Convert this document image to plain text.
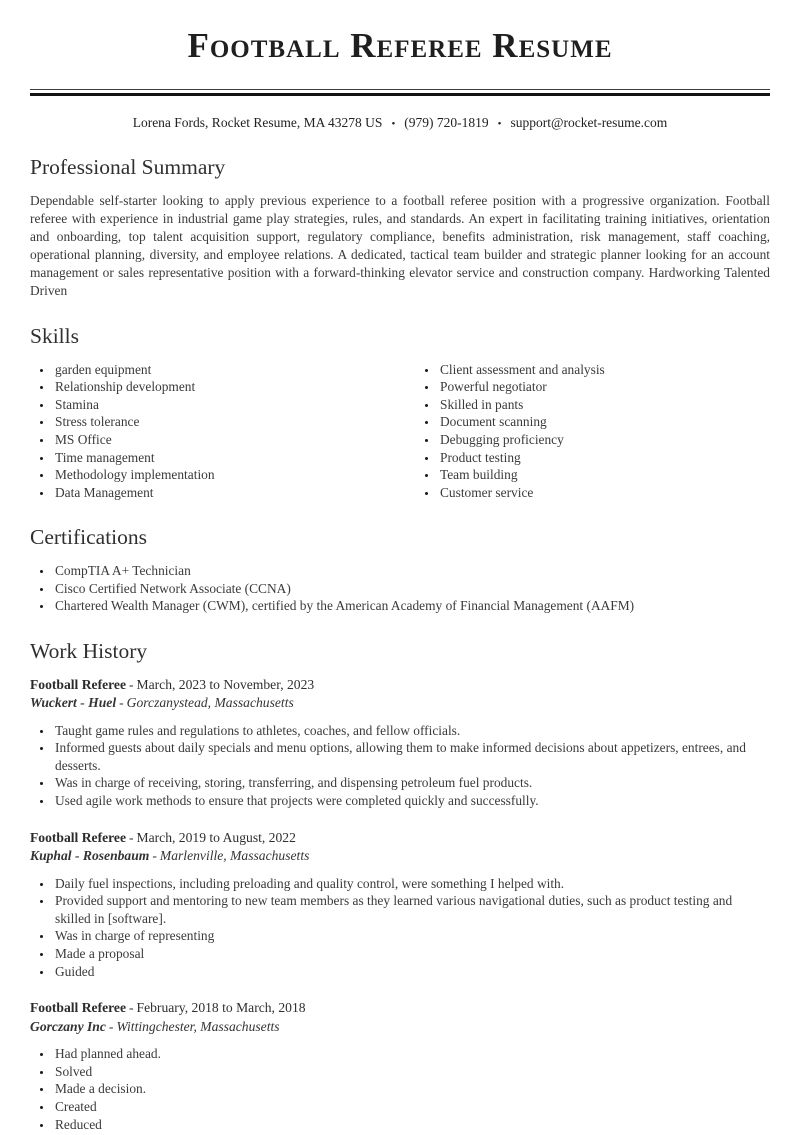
Football Referee Resume
Lorena Fords, Rocket Resume, MA 43278 US • (979) 720-1819 • support@rocket-resume.com
Professional Summary

Dependable self-starter looking to apply previous experience to a football referee position with a progressive organization. Football referee with experience in industrial game play strategies, rules, and standards. An expert in facilitating training initiatives, orientation and onboarding, top talent acquisition support, regulatory compliance, benefits administration, risk management, staff coaching, operational planning, diversity, and employee relations. A dedicated, tactical team builder and strategic planner looking for an account management or sales representative position with a forward-thinking elevator service and construction company. Hardworking Talented Driven

Skills
• garden equipment
• Relationship development
• Stamina
• Stress tolerance
• MS Office
• Time management
• Methodology implementation
• Data Management
• Client assessment and analysis
• Powerful negotiator
• Skilled in pants
• Document scanning
• Debugging proficiency
• Product testing
• Team building
• Customer service
Certifications
• CompTIA A+ Technician
• Cisco Certified Network Associate (CCNA)
• Chartered Wealth Manager (CWM), certified by the American Academy of Financial Management (AAFM)
Work History

Football Referee - March, 2023 to November, 2023

Wuckert - Huel - Gorczanystead, Massachusetts

• Taught game rules and regulations to athletes, coaches, and fellow officials.
• Informed guests about daily specials and menu options, allowing them to make informed decisions about appetizers, entrees, and desserts.
• Was in charge of receiving, storing, transferring, and dispensing petroleum fuel products.
• Used agile work methods to ensure that projects were completed quickly and successfully.

Football Referee - March, 2019 to August, 2022

Kuphal - Rosenbaum - Marlenville, Massachusetts

• Daily fuel inspections, including preloading and quality control, were something I helped with.
• Provided support and mentoring to new team members as they learned various navigational duties, such as product testing and skilled in [software].
• Was in charge of representing
• Made a proposal
• Guided

Football Referee - February, 2018 to March, 2018

Gorczany Inc - Wittingchester, Massachusetts

• Had planned ahead.
• Solved
• Made a decision.
• Created
• Reduced
